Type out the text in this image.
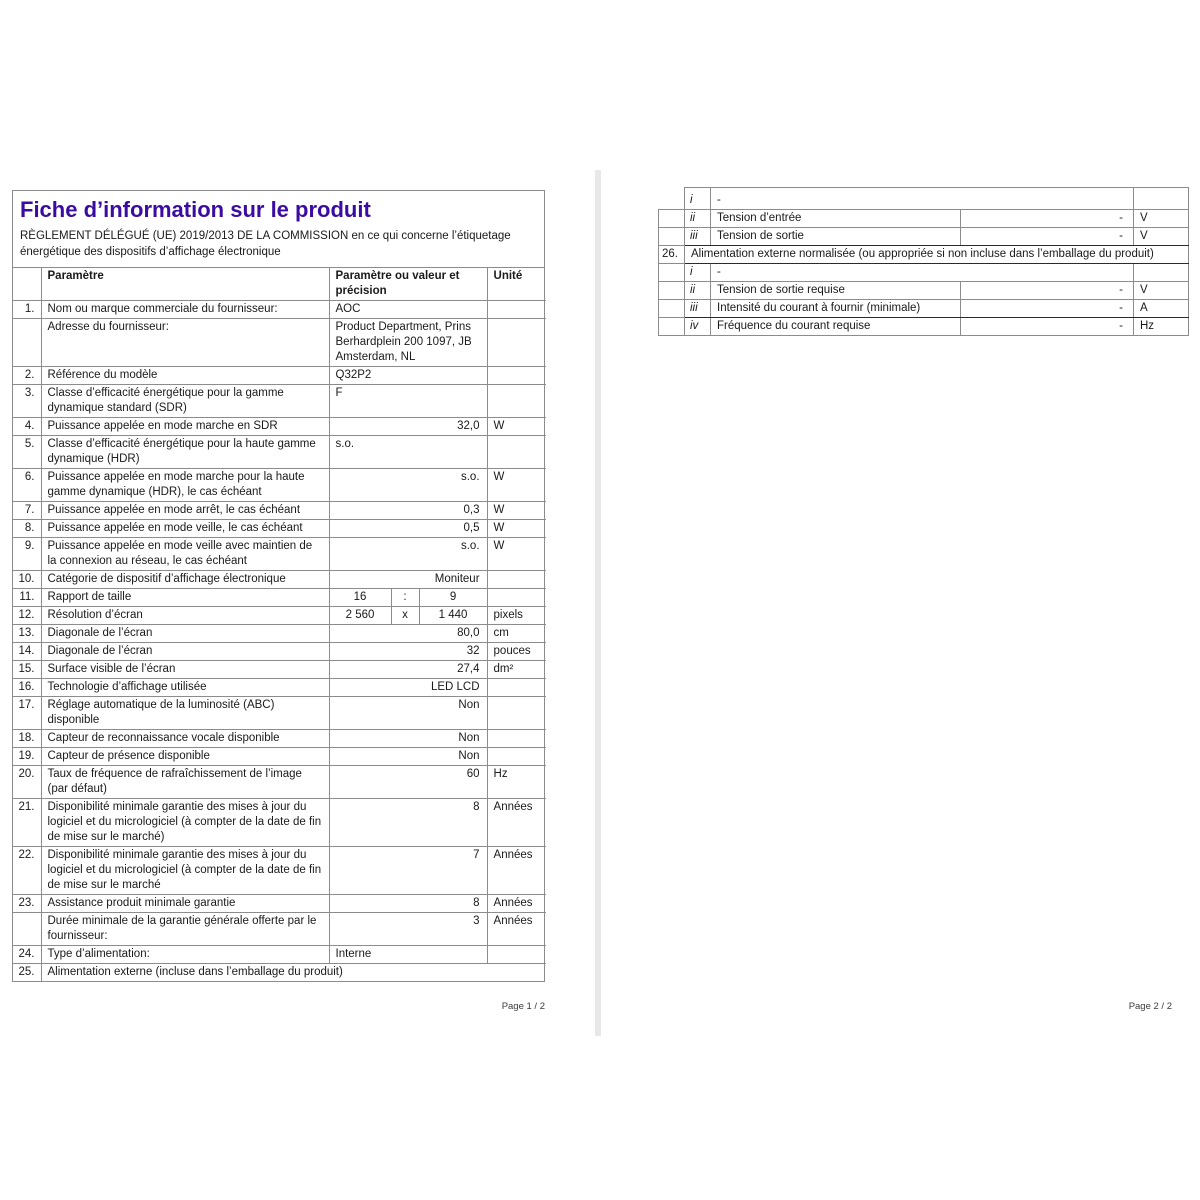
Fiche d’information sur le produit

RÈGLEMENT DÉLÉGUÉ (UE) 2019/2013 DE LA COMMISSION en ce qui concerne l’étiquetage énergétique des dispositifs d’affichage électronique

	Paramètre	Paramètre ou valeur et précision			Unité
1.	Nom ou marque commerciale du fournisseur:	AOC			
	Adresse du fournisseur:	Product Department, Prins Berhardplein 200 1097, JB Amsterdam, NL			
2.	Référence du modèle	Q32P2			
3.	Classe d’efficacité énergétique pour la gamme dynamique standard (SDR)	F			
4.	Puissance appelée en mode marche en SDR	32,0			W
5.	Classe d’efficacité énergétique pour la haute gamme dynamique (HDR)	s.o.			
6.	Puissance appelée en mode marche pour la haute gamme dynamique (HDR), le cas échéant	s.o.			W
7.	Puissance appelée en mode arrêt, le cas échéant	0,3			W
8.	Puissance appelée en mode veille, le cas échéant	0,5			W
9.	Puissance appelée en mode veille avec maintien de la connexion au réseau, le cas échéant	s.o.			W
10.	Catégorie de dispositif d’affichage électronique	Moniteur			
11.	Rapport de taille	16	:	9	
12.	Résolution d’écran	2 560	x	1 440	pixels
13.	Diagonale de l’écran	80,0			cm
14.	Diagonale de l’écran	32			pouces
15.	Surface visible de l’écran	27,4			dm²
16.	Technologie d’affichage utilisée	LED LCD			
17.	Réglage automatique de la luminosité (ABC) disponible	Non			
18.	Capteur de reconnaissance vocale disponible	Non			
19.	Capteur de présence disponible	Non			
20.	Taux de fréquence de rafraîchissement de l’image (par défaut)	60			Hz
21.	Disponibilité minimale garantie des mises à jour du logiciel et du micrologiciel (à compter de la date de fin de mise sur le marché)	8			Années
22.	Disponibilité minimale garantie des mises à jour du logiciel et du micrologiciel (à compter de la date de fin de mise sur le marché	7			Années
23.	Assistance produit minimale garantie	8			Années
	Durée minimale de la garantie générale offerte par le fournisseur:	3			Années
24.	Type d’alimentation:	Interne			
25.	Alimentation externe (incluse dans l’emballage du produit)				
	i	-		
	ii	Tension d’entrée	-	V
	iii	Tension de sortie	-	V
26.	Alimentation externe normalisée (ou appropriée si non incluse dans l’emballage du produit)			
	i	-		
	ii	Tension de sortie requise	-	V
	iii	Intensité du courant à fournir (minimale)	-	A
	iv	Fréquence du courant requise	-	Hz
Page 1 / 2	Page 2 / 2
